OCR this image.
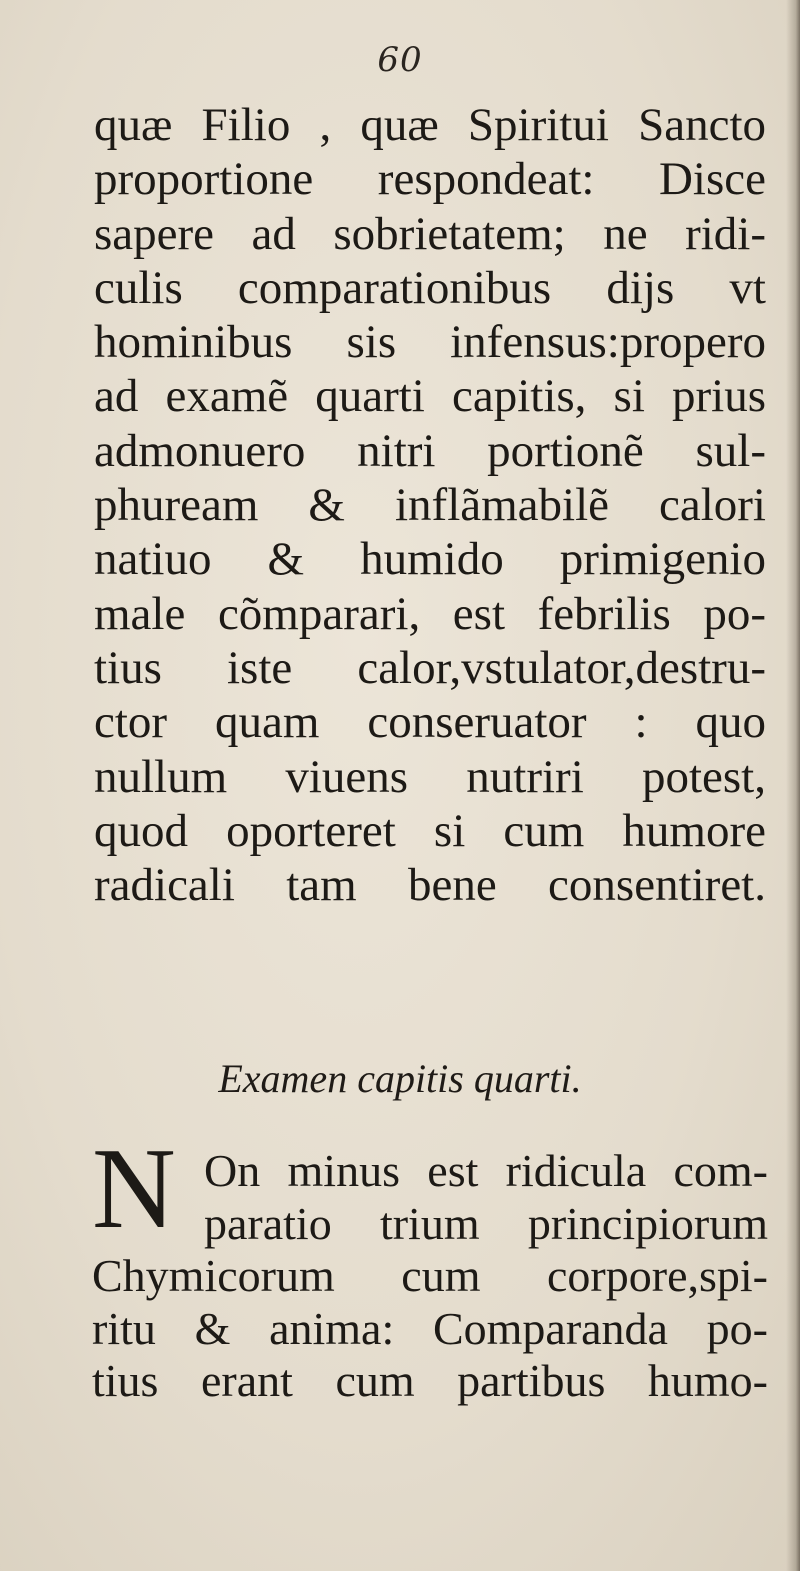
60
quæ Filio , quæ Spiritui Sancto
proportione respondeat: Disce
sapere ad sobrietatem; ne ridi-
culis comparationibus dijs vt
hominibus sis infensus:propero
ad examẽ quarti capitis, si prius
admonuero nitri portionẽ sul-
phuream & inflãmabilẽ calori
natiuo & humido primigenio
male cõmparari, est febrilis po-
tius iste calor,vstulator,destru-
ctor quam conseruator : quo
nullum viuens nutriri potest,
quod oporteret si cum humore
radicali tam bene consentiret.
Examen capitis quarti.
N On minus est ridicula com-
paratio trium principiorum
Chymicorum cum corpore,spi-
ritu & anima: Comparanda po-
tius erant cum partibus humo-
